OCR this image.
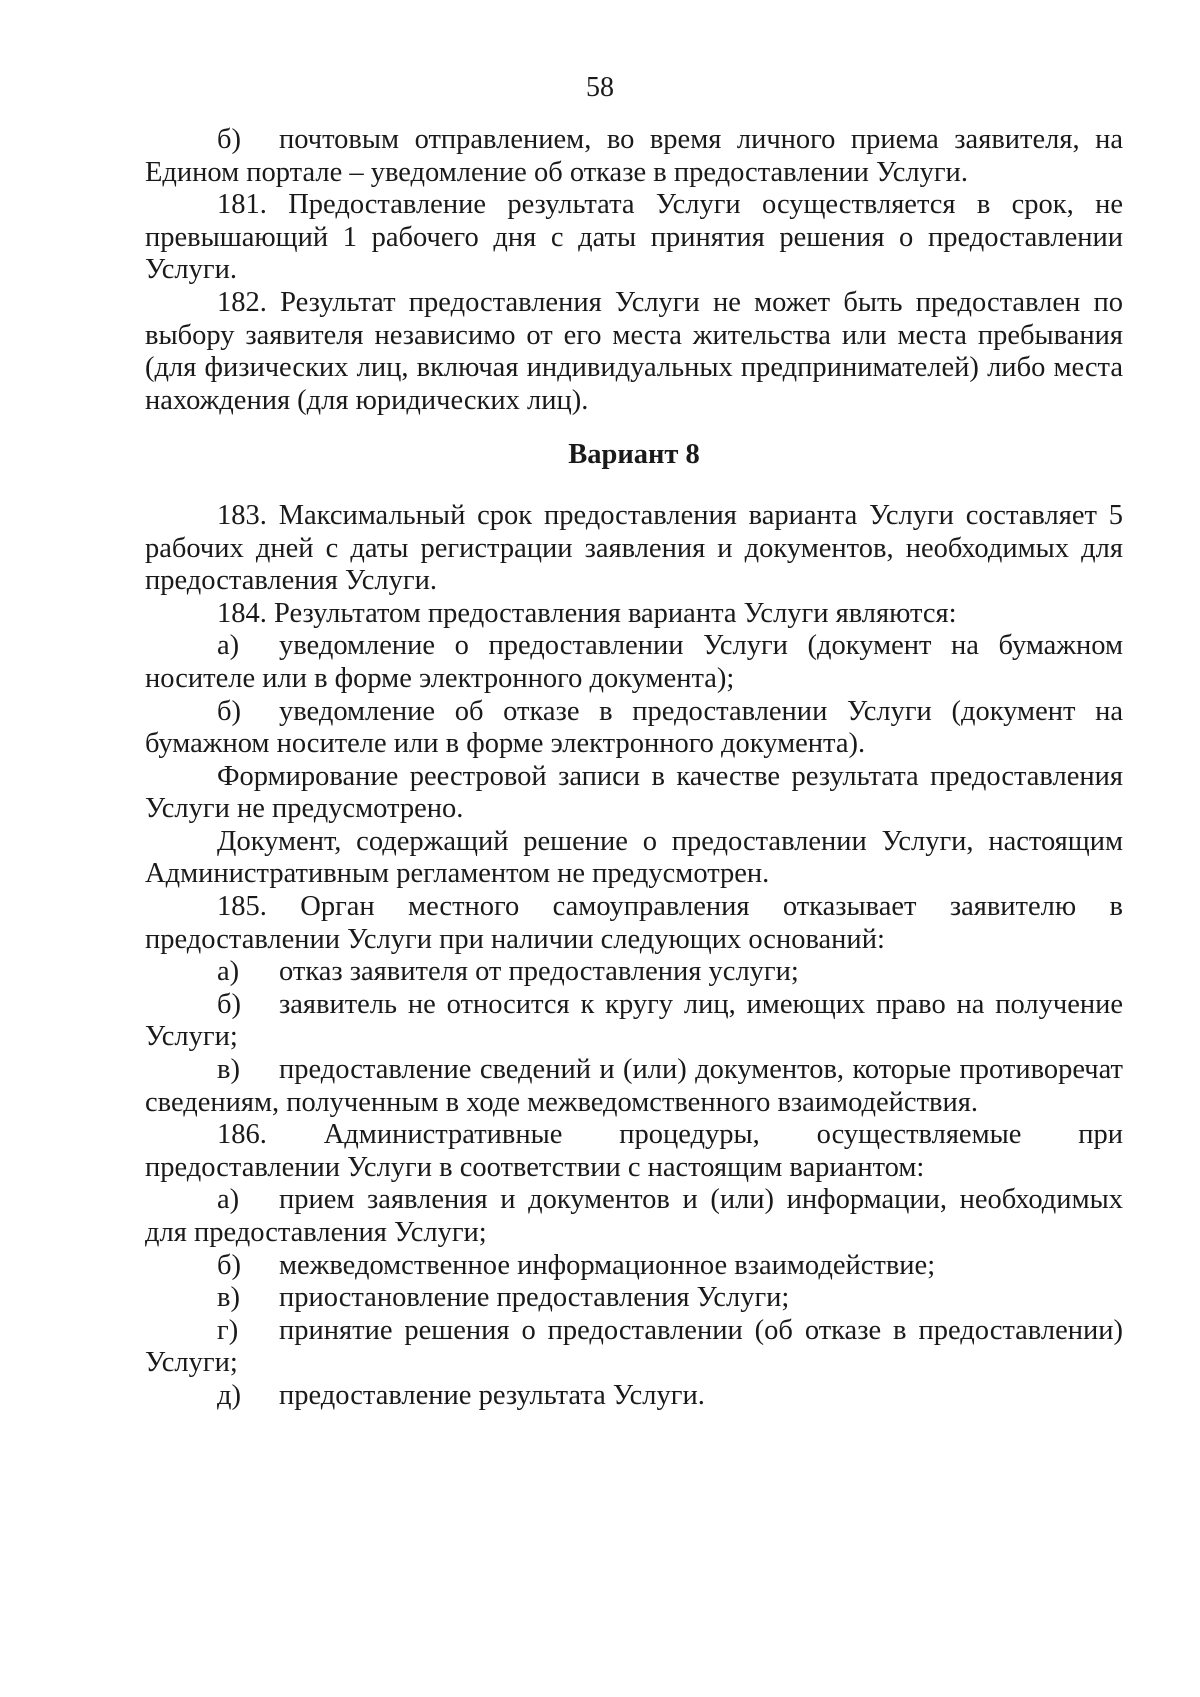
58

б) почтовым отправлением, во время личного приема заявителя, на Едином портале – уведомление об отказе в предоставлении Услуги.

181. Предоставление результата Услуги осуществляется в срок, не превышающий 1 рабочего дня с даты принятия решения о предоставлении Услуги.

182. Результат предоставления Услуги не может быть предоставлен по выбору заявителя независимо от его места жительства или места пребывания (для физических лиц, включая индивидуальных предпринимателей) либо места нахождения (для юридических лиц).

Вариант 8

183. Максимальный срок предоставления варианта Услуги составляет 5 рабочих дней с даты регистрации заявления и документов, необходимых для предоставления Услуги.

184. Результатом предоставления варианта Услуги являются:

а) уведомление о предоставлении Услуги (документ на бумажном носителе или в форме электронного документа);

б) уведомление об отказе в предоставлении Услуги (документ на бумажном носителе или в форме электронного документа).

Формирование реестровой записи в качестве результата предоставления Услуги не предусмотрено.

Документ, содержащий решение о предоставлении Услуги, настоящим Административным регламентом не предусмотрен.

185. Орган местного самоуправления отказывает заявителю в предоставлении Услуги при наличии следующих оснований:

а) отказ заявителя от предоставления услуги;

б) заявитель не относится к кругу лиц, имеющих право на получение Услуги;

в) предоставление сведений и (или) документов, которые противоречат сведениям, полученным в ходе межведомственного взаимодействия.

186. Административные процедуры, осуществляемые при предоставлении Услуги в соответствии с настоящим вариантом:

а) прием заявления и документов и (или) информации, необходимых для предоставления Услуги;

б) межведомственное информационное взаимодействие;

в) приостановление предоставления Услуги;

г) принятие решения о предоставлении (об отказе в предоставлении) Услуги;

д) предоставление результата Услуги.
